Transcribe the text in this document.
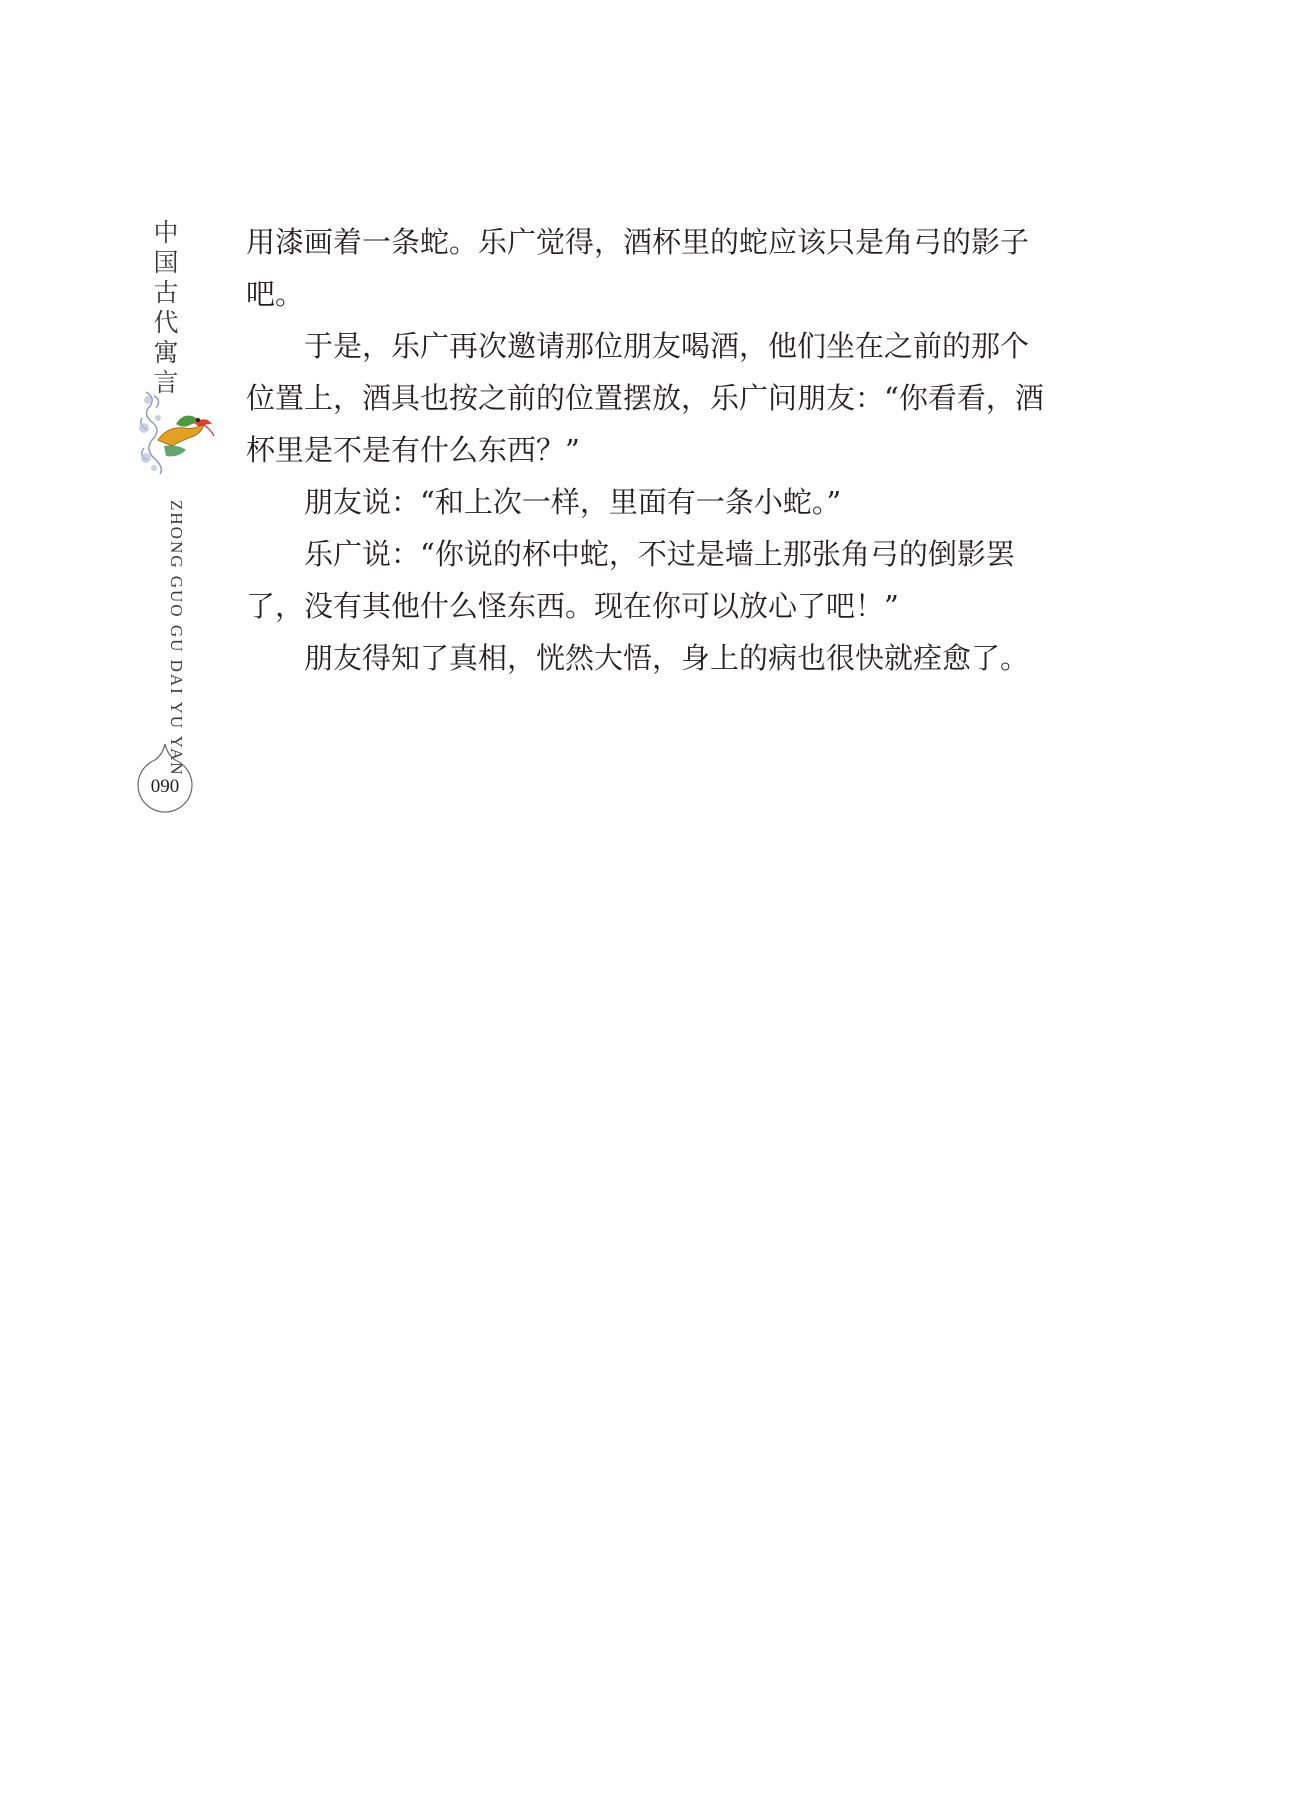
中
国
古
代
寓
言
ZHONG GUO GU DAI YU YAN
090

用漆画着一条蛇。乐广觉得，酒杯里的蛇应该只是角弓的影子吧。

于是，乐广再次邀请那位朋友喝酒，他们坐在之前的那个位置上，酒具也按之前的位置摆放，乐广问朋友：“你看看，酒杯里是不是有什么东西？”

朋友说：“和上次一样，里面有一条小蛇。”

乐广说：“你说的杯中蛇，不过是墙上那张角弓的倒影罢了，没有其他什么怪东西。现在你可以放心了吧！”

朋友得知了真相，恍然大悟，身上的病也很快就痊愈了。
